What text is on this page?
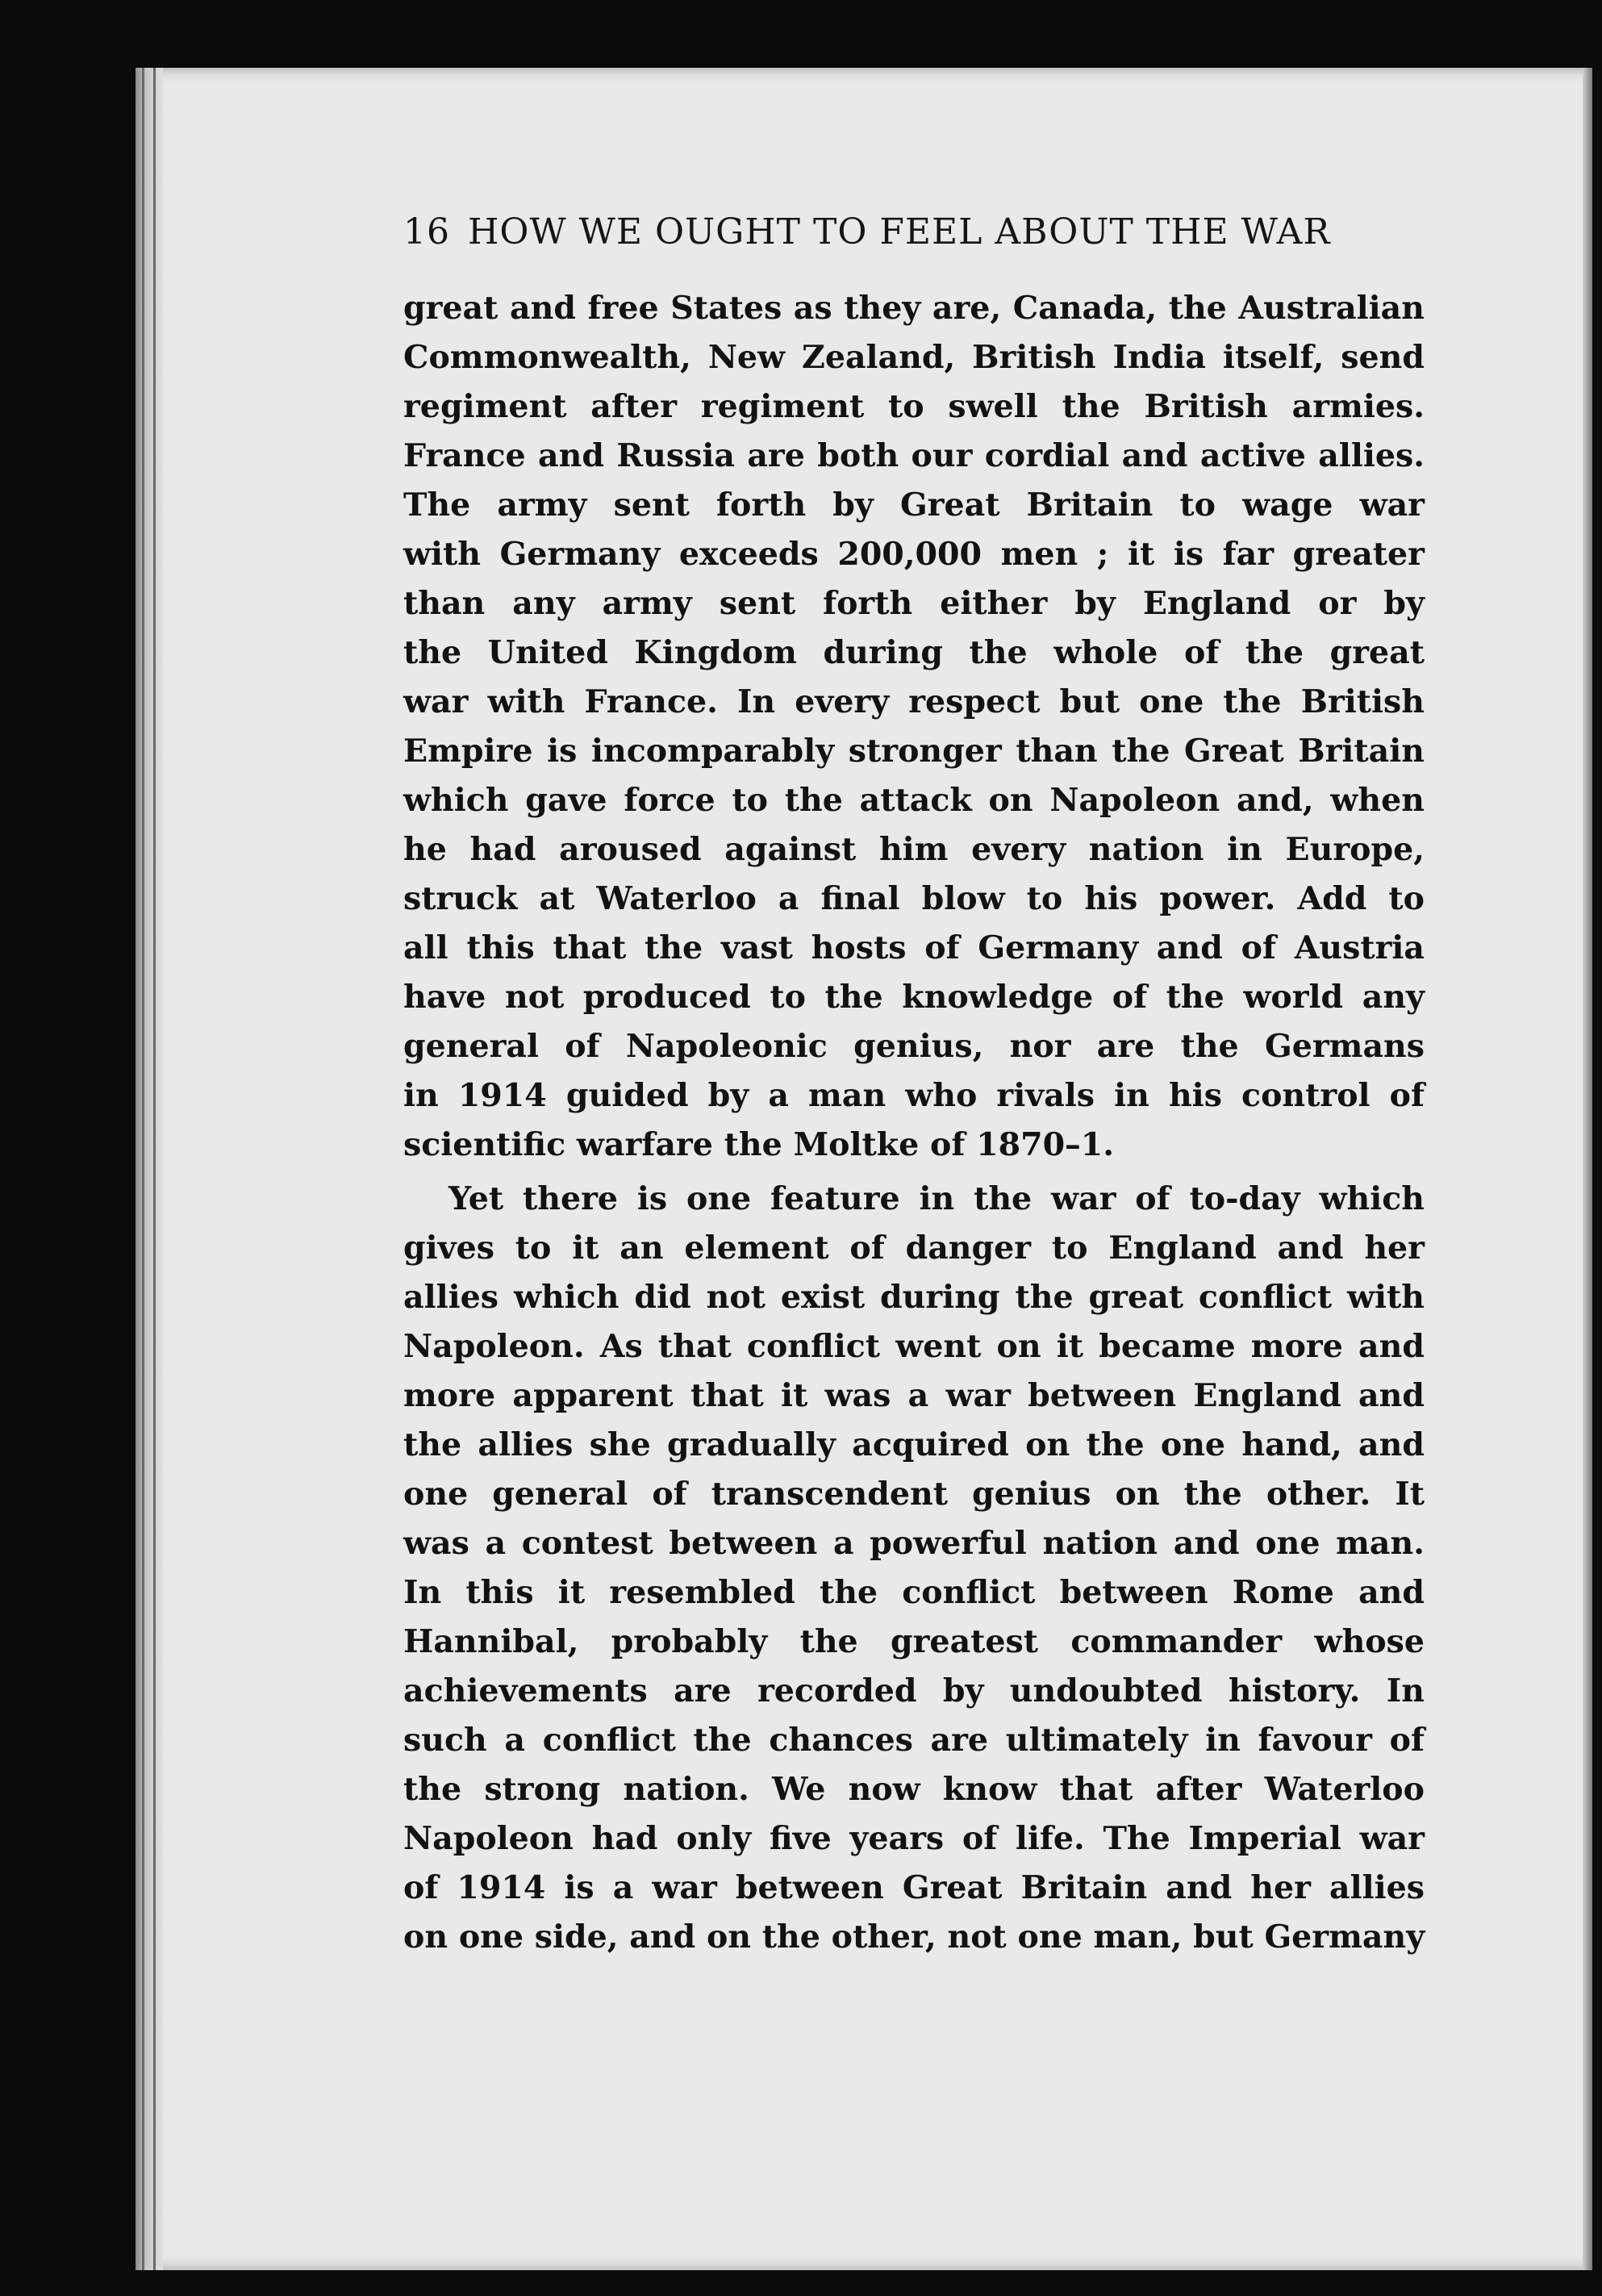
16 HOW WE OUGHT TO FEEL ABOUT THE WAR
great and free States as they are, Canada, the Australian
Commonwealth, New Zealand, British India itself, send
regiment after regiment to swell the British armies.
France and Russia are both our cordial and active allies.
The army sent forth by Great Britain to wage war
with Germany exceeds 200,000 men ; it is far greater
than any army sent forth either by England or by
the United Kingdom during the whole of the great
war with France. In every respect but one the British
Empire is incomparably stronger than the Great Britain
which gave force to the attack on Napoleon and, when
he had aroused against him every nation in Europe,
struck at Waterloo a final blow to his power. Add to
all this that the vast hosts of Germany and of Austria
have not produced to the knowledge of the world any
general of Napoleonic genius, nor are the Germans
in 1914 guided by a man who rivals in his control of
scientific warfare the Moltke of 1870–1.
Yet there is one feature in the war of to-day which
gives to it an element of danger to England and her
allies which did not exist during the great conflict with
Napoleon. As that conflict went on it became more and
more apparent that it was a war between England and
the allies she gradually acquired on the one hand, and
one general of transcendent genius on the other. It
was a contest between a powerful nation and one man.
In this it resembled the conflict between Rome and
Hannibal, probably the greatest commander whose
achievements are recorded by undoubted history. In
such a conflict the chances are ultimately in favour of
the strong nation. We now know that after Waterloo
Napoleon had only five years of life. The Imperial war
of 1914 is a war between Great Britain and her allies
on one side, and on the other, not one man, but Germany
